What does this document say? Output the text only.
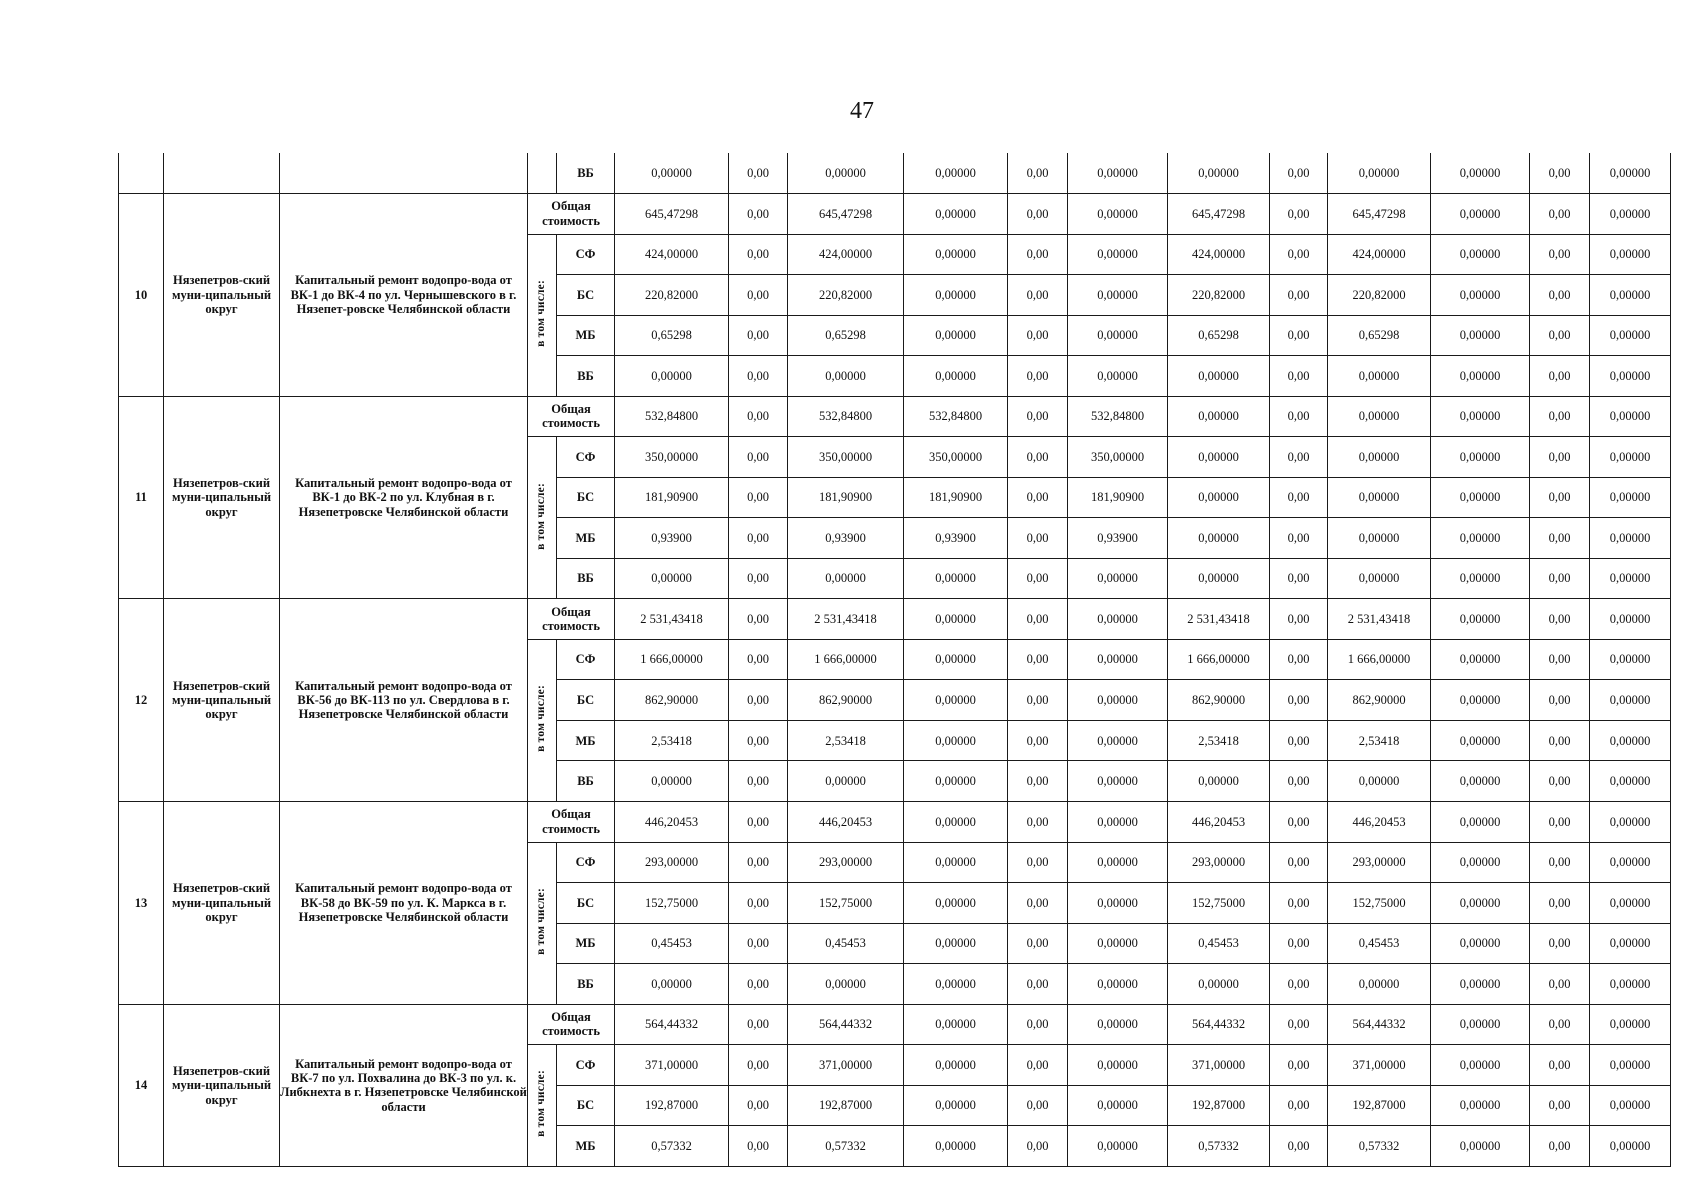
47
				ВБ	0,00000	0,00	0,00000	0,00000	0,00	0,00000	0,00000	0,00	0,00000	0,00000	0,00	0,00000
10	Нязепетров-ский муни-ципальный округ	Капитальный ремонт водопро-вода от ВК-1 до ВК-4 по ул. Чернышевского в г. Нязепет-ровске Челябинской области	Общая стоимость		645,47298	0,00	645,47298	0,00000	0,00	0,00000	645,47298	0,00	645,47298	0,00000	0,00	0,00000
			в том числе:	СФ	424,00000	0,00	424,00000	0,00000	0,00	0,00000	424,00000	0,00	424,00000	0,00000	0,00	0,00000
				БС	220,82000	0,00	220,82000	0,00000	0,00	0,00000	220,82000	0,00	220,82000	0,00000	0,00	0,00000
				МБ	0,65298	0,00	0,65298	0,00000	0,00	0,00000	0,65298	0,00	0,65298	0,00000	0,00	0,00000
				ВБ	0,00000	0,00	0,00000	0,00000	0,00	0,00000	0,00000	0,00	0,00000	0,00000	0,00	0,00000
11	Нязепетров-ский муни-ципальный округ	Капитальный ремонт водопро-вода от ВК-1 до ВК-2 по ул. Клубная в г. Нязепетровске Челябинской области	Общая стоимость		532,84800	0,00	532,84800	532,84800	0,00	532,84800	0,00000	0,00	0,00000	0,00000	0,00	0,00000
			в том числе:	СФ	350,00000	0,00	350,00000	350,00000	0,00	350,00000	0,00000	0,00	0,00000	0,00000	0,00	0,00000
				БС	181,90900	0,00	181,90900	181,90900	0,00	181,90900	0,00000	0,00	0,00000	0,00000	0,00	0,00000
				МБ	0,93900	0,00	0,93900	0,93900	0,00	0,93900	0,00000	0,00	0,00000	0,00000	0,00	0,00000
				ВБ	0,00000	0,00	0,00000	0,00000	0,00	0,00000	0,00000	0,00	0,00000	0,00000	0,00	0,00000
12	Нязепетров-ский муни-ципальный округ	Капитальный ремонт водопро-вода от ВК-56 до ВК-113 по ул. Свердлова в г. Нязепетровске Челябинской области	Общая стоимость		2 531,43418	0,00	2 531,43418	0,00000	0,00	0,00000	2 531,43418	0,00	2 531,43418	0,00000	0,00	0,00000
			в том числе:	СФ	1 666,00000	0,00	1 666,00000	0,00000	0,00	0,00000	1 666,00000	0,00	1 666,00000	0,00000	0,00	0,00000
				БС	862,90000	0,00	862,90000	0,00000	0,00	0,00000	862,90000	0,00	862,90000	0,00000	0,00	0,00000
				МБ	2,53418	0,00	2,53418	0,00000	0,00	0,00000	2,53418	0,00	2,53418	0,00000	0,00	0,00000
				ВБ	0,00000	0,00	0,00000	0,00000	0,00	0,00000	0,00000	0,00	0,00000	0,00000	0,00	0,00000
13	Нязепетров-ский муни-ципальный округ	Капитальный ремонт водопро-вода от ВК-58 до ВК-59 по ул. К. Маркса в г. Нязепетровске Челябинской области	Общая стоимость		446,20453	0,00	446,20453	0,00000	0,00	0,00000	446,20453	0,00	446,20453	0,00000	0,00	0,00000
			в том числе:	СФ	293,00000	0,00	293,00000	0,00000	0,00	0,00000	293,00000	0,00	293,00000	0,00000	0,00	0,00000
				БС	152,75000	0,00	152,75000	0,00000	0,00	0,00000	152,75000	0,00	152,75000	0,00000	0,00	0,00000
				МБ	0,45453	0,00	0,45453	0,00000	0,00	0,00000	0,45453	0,00	0,45453	0,00000	0,00	0,00000
				ВБ	0,00000	0,00	0,00000	0,00000	0,00	0,00000	0,00000	0,00	0,00000	0,00000	0,00	0,00000
14	Нязепетров-ский муни-ципальный округ	Капитальный ремонт водопро-вода от ВК-7 по ул. Похвалина до ВК-3 по ул. к. Либкнехта в г. Нязепетровске Челябинской области	Общая стоимость		564,44332	0,00	564,44332	0,00000	0,00	0,00000	564,44332	0,00	564,44332	0,00000	0,00	0,00000
			в том числе:	СФ	371,00000	0,00	371,00000	0,00000	0,00	0,00000	371,00000	0,00	371,00000	0,00000	0,00	0,00000
				БС	192,87000	0,00	192,87000	0,00000	0,00	0,00000	192,87000	0,00	192,87000	0,00000	0,00	0,00000
				МБ	0,57332	0,00	0,57332	0,00000	0,00	0,00000	0,57332	0,00	0,57332	0,00000	0,00	0,00000
